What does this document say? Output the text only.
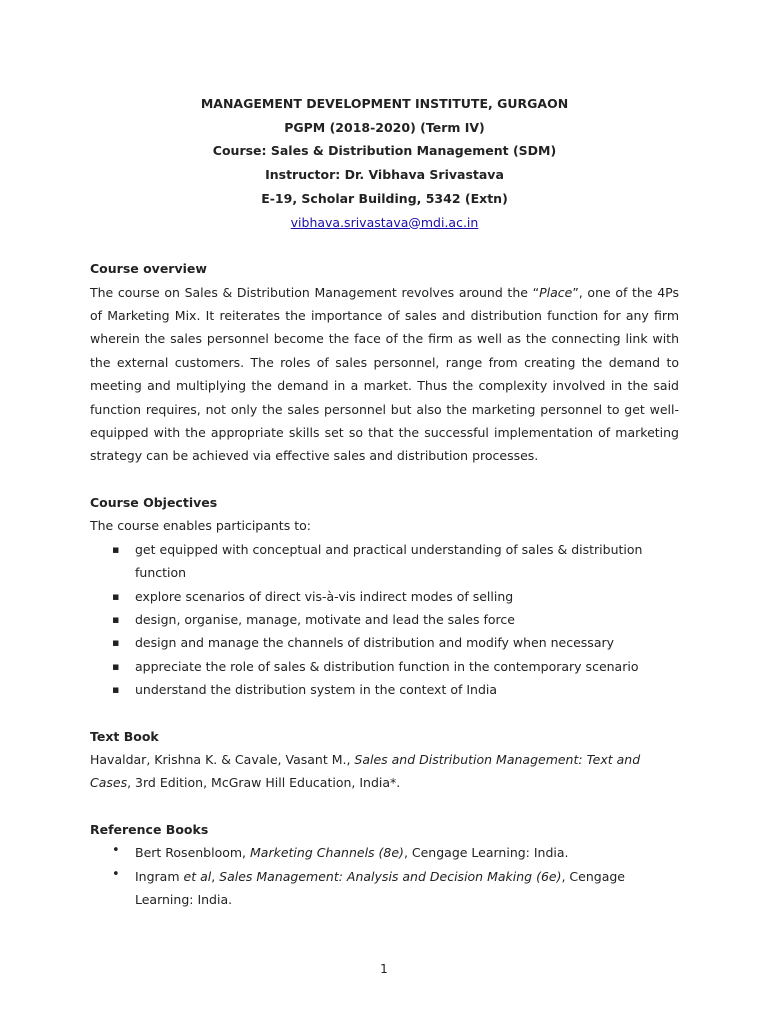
MANAGEMENT DEVELOPMENT INSTITUTE, GURGAON
PGPM (2018-2020) (Term IV)
Course: Sales & Distribution Management (SDM)
Instructor: Dr. Vibhava Srivastava
E-19, Scholar Building, 5342 (Extn)
vibhava.srivastava@mdi.ac.in
Course overview
The course on Sales & Distribution Management revolves around the “Place”, one of the 4Ps of Marketing Mix. It reiterates the importance of sales and distribution function for any firm wherein the sales personnel become the face of the firm as well as the connecting link with the external customers. The roles of sales personnel, range from creating the demand to meeting and multiplying the demand in a market. Thus the complexity involved in the said function requires, not only the sales personnel but also the marketing personnel to get well-equipped with the appropriate skills set so that the successful implementation of marketing strategy can be achieved via effective sales and distribution processes.
Course Objectives
The course enables participants to:
▪ get equipped with conceptual and practical understanding of sales & distribution function
▪ explore scenarios of direct vis-à-vis indirect modes of selling
▪ design, organise, manage, motivate and lead the sales force
▪ design and manage the channels of distribution and modify when necessary
▪ appreciate the role of sales & distribution function in the contemporary scenario
▪ understand the distribution system in the context of India
Text Book
Havaldar, Krishna K. & Cavale, Vasant M., Sales and Distribution Management: Text and Cases, 3rd Edition, McGraw Hill Education, India*.
Reference Books
• Bert Rosenbloom, Marketing Channels (8e), Cengage Learning: India.
• Ingram et al, Sales Management: Analysis and Decision Making (6e), Cengage Learning: India.
1
